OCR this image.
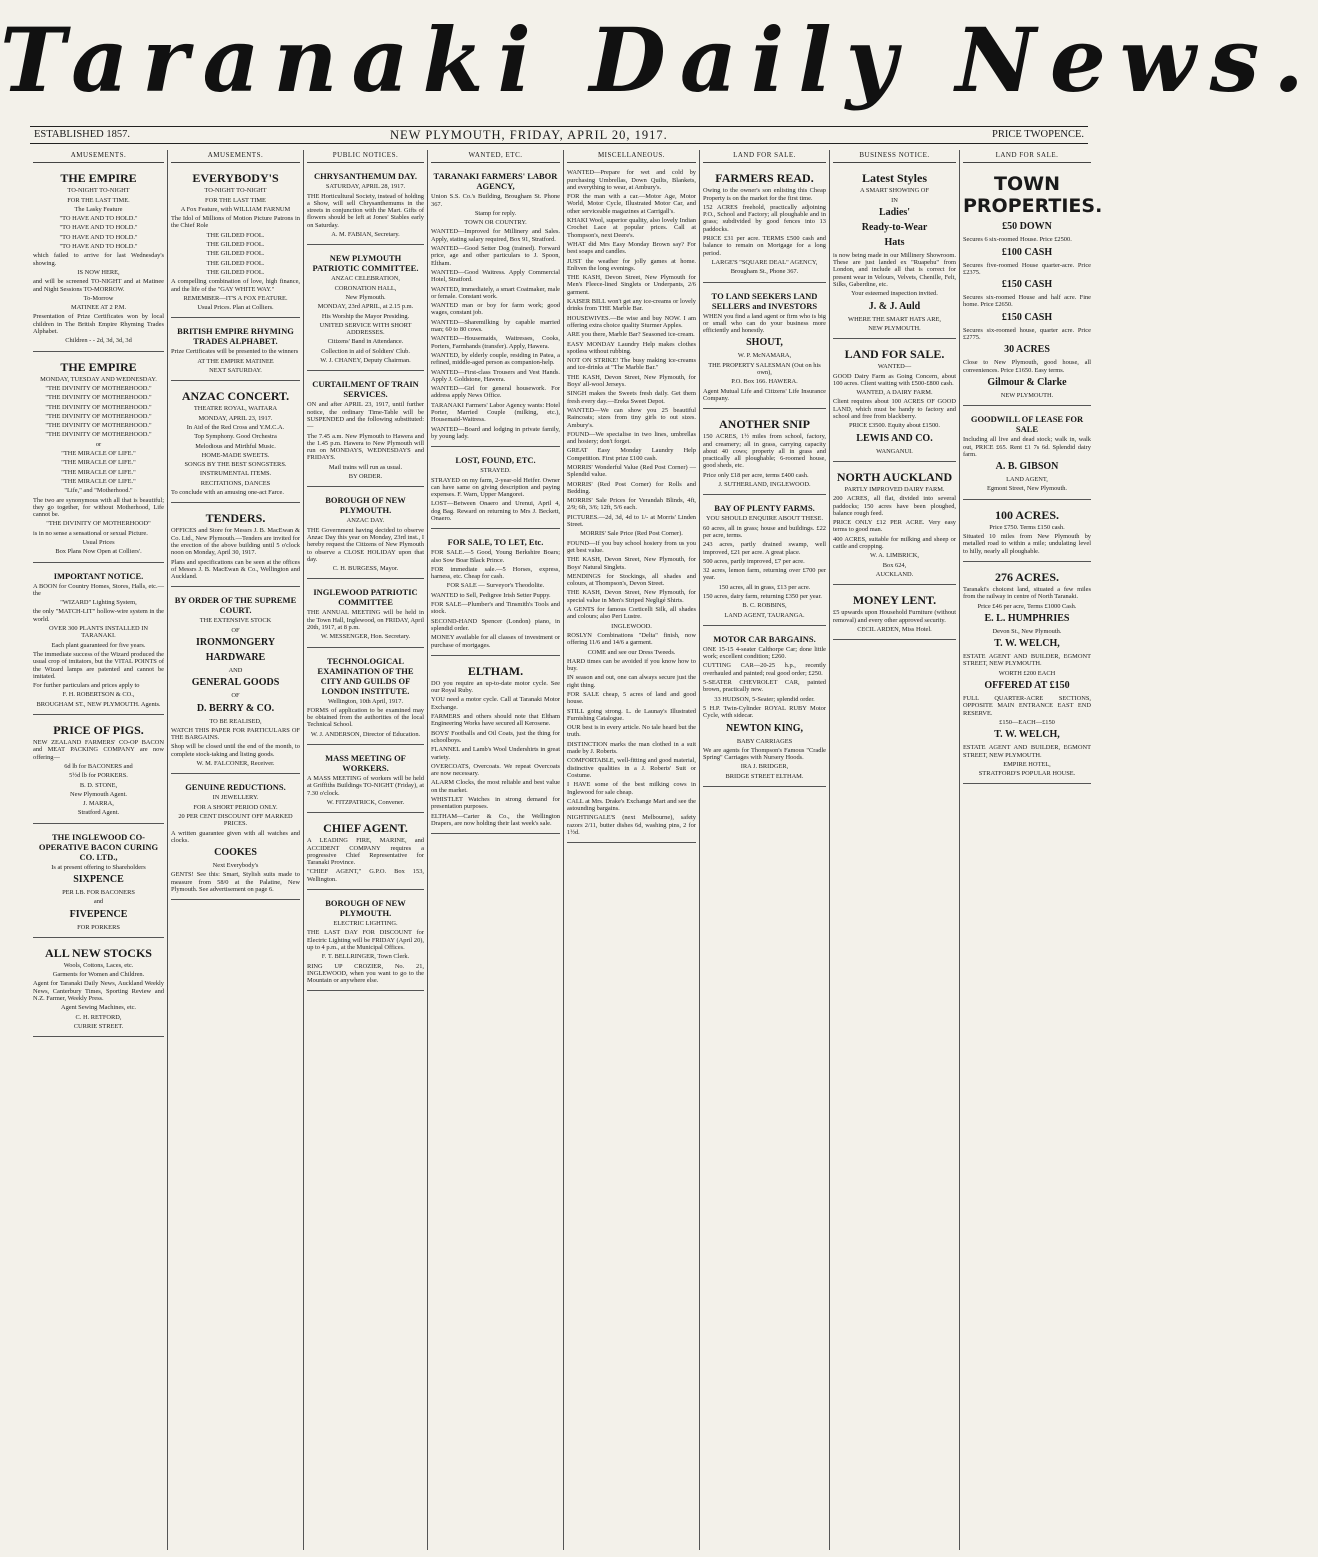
Taranaki Daily News.
ESTABLISHED 1857.	NEW PLYMOUTH, FRIDAY, APRIL 20, 1917.	PRICE TWOPENCE.
AMUSEMENTS.
THE EMPIRE

TO-NIGHT TO-NIGHT

FOR THE LAST TIME.

The Lasky Feature

"TO HAVE AND TO HOLD."

"TO HAVE AND TO HOLD."

"TO HAVE AND TO HOLD."

"TO HAVE AND TO HOLD."

which failed to arrive for last Wednesday's showing.

IS NOW HERE,

and will be screened TO-NIGHT and at Matinee and Night Sessions TO-MORROW.

To-Morrow

MATINEE AT 2 P.M.

Presentation of Prize Certificates won by local children in The British Empire Rhyming Trades Alphabet.

Children - - 2d, 3d, 3d, 3d

THE EMPIRE

MONDAY, TUESDAY AND WEDNESDAY.

"THE DIVINITY OF MOTHERHOOD."

"THE DIVINITY OF MOTHERHOOD."

"THE DIVINITY OF MOTHERHOOD."

"THE DIVINITY OF MOTHERHOOD."

"THE DIVINITY OF MOTHERHOOD."

"THE DIVINITY OF MOTHERHOOD."

or

"THE MIRACLE OF LIFE."

"THE MIRACLE OF LIFE."

"THE MIRACLE OF LIFE."

"THE MIRACLE OF LIFE."

"Life," and "Motherhood."

The two are synonymous with all that is beautiful; they go together, for without Motherhood, Life cannot be.

"THE DIVINITY OF MOTHERHOOD"

is in no sense a sensational or sexual Picture.

Usual Prices

Box Plans Now Open at Colliers'.

IMPORTANT NOTICE.

A BOON for Country Homes, Stores, Halls, etc.—the

"WIZARD" Lighting System,

the only "MATCH-LIT" hollow-wire system in the world.

OVER 300 PLANTS INSTALLED IN TARANAKI.

Each plant guaranteed for five years.

The immediate success of the Wizard produced the usual crop of imitators, but the VITAL POINTS of the Wizard lamps are patented and cannot be imitated.

For further particulars and prices apply to

F. H. ROBERTSON & CO.,

BROUGHAM ST., NEW PLYMOUTH. Agents.

PRICE OF PIGS.

NEW ZEALAND FARMERS' CO-OP BACON and MEAT PACKING COMPANY are now offering—

6d lb for BACONERS and

5½d lb for PORKERS.

B. D. STONE,

New Plymouth Agent.

J. MARRA,

Stratford Agent.

THE INGLEWOOD CO-OPERATIVE BACON CURING CO. LTD.,

Is at present offering to Shareholders

SIXPENCE

PER LB. FOR BACONERS

and

FIVEPENCE

FOR PORKERS

ALL NEW STOCKS

Wools, Cottons, Laces, etc.

Garments for Women and Children.

Agent for Taranaki Daily News, Auckland Weekly News, Canterbury Times, Sporting Review and N.Z. Farmer, Weekly Press.

Agent Sewing Machines, etc.

C. H. RETFORD,

CURRIE STREET.

AMUSEMENTS.
EVERYBODY'S

TO-NIGHT TO-NIGHT

FOR THE LAST TIME

A Fox Feature, with WILLIAM FARNUM

The Idol of Millions of Motion Picture Patrons in the Chief Role

THE GILDED FOOL.

THE GILDED FOOL.

THE GILDED FOOL.

THE GILDED FOOL.

THE GILDED FOOL.

A compelling combination of love, high finance, and the life of the "GAY WHITE WAY."

REMEMBER—IT'S A FOX FEATURE.

Usual Prices. Plan at Colliers.

BRITISH EMPIRE RHYMING TRADES ALPHABET.

Prize Certificates will be presented to the winners

AT THE EMPIRE MATINEE

NEXT SATURDAY.

ANZAC CONCERT.

THEATRE ROYAL, WAITARA

MONDAY, APRIL 23, 1917.

In Aid of the Red Cross and Y.M.C.A.

Top Symphony. Good Orchestra

Melodious and Mirthful Music.

HOME-MADE SWEETS.

SONGS BY THE BEST SONGSTERS.

INSTRUMENTAL ITEMS.

RECITATIONS, DANCES

To conclude with an amusing one-act Farce.

TENDERS.

OFFICES and Store for Messrs J. B. MacEwan & Co. Ltd., New Plymouth.—Tenders are invited for the erection of the above building until 5 o'clock noon on Monday, April 30, 1917.

Plans and specifications can be seen at the offices of Messrs J. B. MacEwan & Co., Wellington and Auckland.

BY ORDER OF THE SUPREME COURT.

THE EXTENSIVE STOCK

OF

IRONMONGERY

HARDWARE

AND

GENERAL GOODS

OF

D. BERRY & CO.

TO BE REALISED,

WATCH THIS PAPER FOR PARTICULARS OF THE BARGAINS.

Shop will be closed until the end of the month, to complete stock-taking and listing goods.

W. M. FALCONER, Receiver.

GENUINE REDUCTIONS.

IN JEWELLERY.

FOR A SHORT PERIOD ONLY.

20 PER CENT DISCOUNT OFF MARKED PRICES.

A written guarantee given with all watches and clocks.

COOKES

Next Everybody's

GENTS! See this: Smart, Stylish suits made to measure from 58/0 at the Palatine, New Plymouth. See advertisement on page 6.

PUBLIC NOTICES.
CHRYSANTHEMUM DAY.

SATURDAY, APRIL 28, 1917.

THE Horticultural Society, instead of holding a Show, will sell Chrysanthemums in the streets in conjunction with the Mart. Gifts of flowers should be left at Jones' Stables early on Saturday.

A. M. FABIAN, Secretary.

NEW PLYMOUTH PATRIOTIC COMMITTEE.

ANZAC CELEBRATION,

CORONATION HALL,

New Plymouth.

MONDAY, 23rd APRIL, at 2.15 p.m.

His Worship the Mayor Presiding.

UNITED SERVICE WITH SHORT ADDRESSES.

Citizens' Band in Attendance.

Collection in aid of Soldiers' Club.

W. J. CHANEY, Deputy Chairman.

CURTAILMENT OF TRAIN SERVICES.

ON and after APRIL 23, 1917, until further notice, the ordinary Time-Table will be SUSPENDED and the following substituted:—

The 7.45 a.m. New Plymouth to Hawera and the 1.45 p.m. Hawera to New Plymouth will run on MONDAYS, WEDNESDAYS and FRIDAYS.

Mail trains will run as usual.

BY ORDER.

BOROUGH OF NEW PLYMOUTH.

ANZAC DAY.

THE Government having decided to observe Anzac Day this year on Monday, 23rd inst., I hereby request the Citizens of New Plymouth to observe a CLOSE HOLIDAY upon that day.

C. H. BURGESS, Mayor.

INGLEWOOD PATRIOTIC COMMITTEE

THE ANNUAL MEETING will be held in the Town Hall, Inglewood, on FRIDAY, April 20th, 1917, at 8 p.m.

W. MESSENGER, Hon. Secretary.

TECHNOLOGICAL EXAMINATION OF THE CITY AND GUILDS OF LONDON INSTITUTE.

Wellington, 10th April, 1917.

FORMS of application to be examined may be obtained from the authorities of the local Technical School.

W. J. ANDERSON, Director of Education.

MASS MEETING OF WORKERS.

A MASS MEETING of workers will be held at Griffiths Buildings TO-NIGHT (Friday), at 7.30 o'clock.

W. FITZPATRICK, Convener.

CHIEF AGENT.

A LEADING FIRE, MARINE, and ACCIDENT COMPANY requires a progressive Chief Representative for Taranaki Province.

"CHIEF AGENT," G.P.O. Box 153, Wellington.

BOROUGH OF NEW PLYMOUTH.

ELECTRIC LIGHTING.

THE LAST DAY FOR DISCOUNT for Electric Lighting will be FRIDAY (April 20), up to 4 p.m., at the Municipal Offices.

F. T. BELLRINGER, Town Clerk.

RING UP CROZIER, No. 21, INGLEWOOD, when you want to go to the Mountain or anywhere else.

WANTED, ETC.
TARANAKI FARMERS' LABOR AGENCY,

Union S.S. Co.'s Building, Brougham St. Phone 367.

Stamp for reply.

TOWN OR COUNTRY.

WANTED—Improved for Millinery and Sales. Apply, stating salary required, Box 91, Stratford.

WANTED—Good Setter Dog (trained). Forward price, age and other particulars to J. Spoon, Eltham.

WANTED—Good Waitress. Apply Commercial Hotel, Stratford.

WANTED, immediately, a smart Coatmaker, male or female. Constant work.

WANTED man or boy for farm work; good wages, constant job.

WANTED—Sharemilking by capable married man; 60 to 80 cows.

WANTED—Housemaids, Waitresses, Cooks, Porters, Farmhands (transfer). Apply, Hawera.

WANTED, by elderly couple, residing in Patea, a refined, middle-aged person as companion-help.

WANTED—First-class Trousers and Vest Hands. Apply J. Goldstone, Hawera.

WANTED—Girl for general housework. For address apply News Office.

TARANAKI Farmers' Labor Agency wants: Hotel Porter, Married Couple (milking, etc.), Housemaid-Waitress.

WANTED—Board and lodging in private family, by young lady.

LOST, FOUND, ETC.

STRAYED.

STRAYED on my farm, 2-year-old Heifer. Owner can have same on giving description and paying expenses. F. Warn, Upper Mangorei.

LOST—Between Onaero and Urenui, April 4, dog Bag. Reward on returning to Mrs J. Beckett, Onaero.

FOR SALE, TO LET, Etc.

FOR SALE.—5 Good, Young Berkshire Boars; also Sow Boar Black Prince.

FOR immediate sale.—5 Horses, express, harness, etc. Cheap for cash.

FOR SALE — Surveyor's Theodolite.

WANTED to Sell, Pedigree Irish Setter Puppy.

FOR SALE—Plumber's and Tinsmith's Tools and stock.

SECOND-HAND Spencer (London) piano, in splendid order.

MONEY available for all classes of investment or purchase of mortgages.

ELTHAM.

DO you require an up-to-date motor cycle. See our Royal Ruby.

YOU need a motor cycle. Call at Taranaki Motor Exchange.

FARMERS and others should note that Eltham Engineering Works have secured all Kerosene.

BOYS' Footballs and Oil Coats, just the thing for schoolboys.

FLANNEL and Lamb's Wool Undershirts in great variety.

OVERCOATS, Overcoats. We repeat Overcoats are now necessary.

ALARM Clocks, the most reliable and best value on the market.

WHISTLET Watches in strong demand for presentation purposes.

ELTHAM—Carter & Co., the Wellington Drapers, are now holding their last week's sale.

MISCELLANEOUS.

WANTED—Prepare for wet and cold by purchasing Umbrellas, Down Quilts, Blankets, and everything to wear, at Ambury's.

FOR the man with a car.—Motor Age, Motor World, Motor Cycle, Illustrated Motor Car, and other serviceable magazines at Carrigall's.

KHAKI Wool, superior quality, also lovely Indian Crochet Lace at popular prices. Call at Thompson's, next Deere's.

WHAT did Mrs Easy Monday Brown say? For best soaps and candles.

JUST the weather for jolly games at home. Enliven the long evenings.

THE KASH, Devon Street, New Plymouth for Men's Fleece-lined Singlets or Underpants, 2/6 garment.

KAISER BILL won't get any ice-creams or lovely drinks from THE Marble Bar.

HOUSEWIVES.—Be wise and buy NOW. I am offering extra choice quality Sturmer Apples.

ARE you there, Marble Bar? Seasoned ice-cream.

EASY MONDAY Laundry Help makes clothes spotless without rubbing.

NOT ON STRIKE! The busy making ice-creams and ice-drinks at "The Marble Bar."

THE KASH, Devon Street, New Plymouth, for Boys' all-wool Jerseys.

SINGH makes the Sweets fresh daily. Get them fresh every day.—Ereka Sweet Depot.

WANTED—We can show you 25 beautiful Raincoats; sizes from tiny girls to out sizes. Ambury's.

FOUND—We specialise in two lines, umbrellas and hosiery; don't forget.

GREAT Easy Monday Laundry Help Competition. First prize £100 cash.

MORRIS' Wonderful Value (Red Post Corner) — Splendid value.

MORRIS' (Red Post Corner) for Rolls and Bedding.

MORRIS' Sale Prices for Verandah Blinds, 4ft, 2/9; 6ft, 3/6; 12ft, 5/6 each.

PICTURES.—2d, 3d, 4d to 1/- at Morris' Linden Street.

MORRIS' Sale Price (Red Post Corner).

FOUND—If you buy school hosiery from us you get best value.

THE KASH, Devon Street, New Plymouth, for Boys' Natural Singlets.

MENDINGS for Stockings, all shades and colours, at Thompson's, Devon Street.

THE KASH, Devon Street, New Plymouth, for special value in Men's Striped Negligé Shirts.

A GENTS for famous Corticelli Silk, all shades and colours; also Peri Lustre.

INGLEWOOD.

ROSLYN Combinations "Delta" finish, now offering 11/6 and 14/6 a garment.

COME and see our Dress Tweeds.

HARD times can be avoided if you know how to buy.

IN season and out, one can always secure just the right thing.

FOR SALE cheap, 5 acres of land and good house.

STILL going strong. L. de Launay's Illustrated Furnishing Catalogue.

OUR best is in every article. No tale heard but the truth.

DISTINCTION marks the man clothed in a suit made by J. Roberts.

COMFORTABLE, well-fitting and good material, distinctive qualities in a J. Roberts' Suit or Costume.

I HAVE some of the best milking cows in Inglewood for sale cheap.

CALL at Mrs. Drake's Exchange Mart and see the astounding bargains.

NIGHTINGALE'S (next Melbourne), safety razors 2/11, butter dishes 6d, washing pins, 2 for 1½d.

LAND FOR SALE.
FARMERS READ.

Owing to the owner's son enlisting this Cheap Property is on the market for the first time.

152 ACRES freehold, practically adjoining P.O., School and Factory; all ploughable and in grass; subdivided by good fences into 13 paddocks.

PRICE £31 per acre. TERMS £500 cash and balance to remain on Mortgage for a long period.

LARGE'S "SQUARE DEAL" AGENCY,

Brougham St., Phone 367.

TO LAND SEEKERS LAND SELLERS and INVESTORS

WHEN you find a land agent or firm who is big or small who can do your business more efficiently and honestly.

SHOUT,

W. P. McNAMARA,

THE PROPERTY SALESMAN (Out on his own),

P.O. Box 166. HAWERA.

Agent Mutual Life and Citizens' Life Insurance Company.

ANOTHER SNIP

150 ACRES, 1½ miles from school, factory, and creamery; all in grass, carrying capacity about 40 cows; property all in grass and practically all ploughable; 6-roomed house, good sheds, etc.

Price only £18 per acre, terms £400 cash.

J. SUTHERLAND, INGLEWOOD.

BAY OF PLENTY FARMS.

YOU SHOULD ENQUIRE ABOUT THESE.

60 acres, all in grass; house and buildings. £22 per acre, terms.

243 acres, partly drained swamp, well improved, £21 per acre. A great place.

500 acres, partly improved, £7 per acre.

32 acres, lemon farm, returning over £700 per year.

150 acres, all in grass, £13 per acre.

150 acres, dairy farm, returning £350 per year.

B. C. ROBBINS,

LAND AGENT, TAURANGA.

MOTOR CAR BARGAINS.

ONE 15-15 4-seater Calthorpe Car; done little work; excellent condition; £260.

CUTTING CAR—20-25 h.p., recently overhauled and painted; real good order; £250.

5-SEATER CHEVROLET CAR, painted brown, practically new.

33 HUDSON, 5-Seater; splendid order.

5 H.P. Twin-Cylinder ROYAL RUBY Motor Cycle, with sidecar.

NEWTON KING,

BABY CARRIAGES

We are agents for Thompson's Famous "Cradle Spring" Carriages with Nursery Hoods.

IRA J. BRIDGER,

BRIDGE STREET ELTHAM.

BUSINESS NOTICE.
Latest Styles

A SMART SHOWING OF

IN

Ladies'

Ready-to-Wear

Hats

is now being made in our Millinery Showroom. These are just landed ex "Ruapehu" from London, and include all that is correct for present wear in Velours, Velvets, Chenille, Felt, Silks, Gaberdine, etc.

Your esteemed inspection invited.

J. & J. Auld

WHERE THE SMART HATS ARE,

NEW PLYMOUTH.

LAND FOR SALE.

WANTED—

GOOD Dairy Farm as Going Concern, about 100 acres. Client waiting with £500-£800 cash.

WANTED, A DAIRY FARM.

Client requires about 100 ACRES OF GOOD LAND, which must be handy to factory and school and free from blackberry.

PRICE £3500. Equity about £1500.

LEWIS AND CO.

WANGANUI.

NORTH AUCKLAND

PARTLY IMPROVED DAIRY FARM.

200 ACRES, all flat, divided into several paddocks; 150 acres have been ploughed, balance rough feed.

PRICE ONLY £12 PER ACRE. Very easy terms to good man.

400 ACRES, suitable for milking and sheep or cattle and cropping.

W. A. LIMBRICK,

Box 624,

AUCKLAND.

MONEY LENT.

£5 upwards upon Household Furniture (without removal) and every other approved security.

CECIL ARDEN, Miss Hotel.

LAND FOR SALE.
TOWN PROPERTIES.

£50 DOWN

Secures 6 six-roomed House. Price £2500.

£100 CASH

Secures five-roomed House quarter-acre. Price £2375.

£150 CASH

Secures six-roomed House and half acre. Fine home. Price £2650.

£150 CASH

Secures six-roomed house, quarter acre. Price £2775.

30 ACRES

Close to New Plymouth, good house, all conveniences. Price £1650. Easy terms.

Gilmour & Clarke

NEW PLYMOUTH.

GOODWILL OF LEASE FOR SALE

Including all live and dead stock; walk in, walk out, PRICE £65. Rent £1 7s 6d. Splendid dairy farm.

A. B. GIBSON

LAND AGENT,

Egmont Street, New Plymouth.

100 ACRES.

Price £750. Terms £150 cash.

Situated 10 miles from New Plymouth by metalled road to within a mile; undulating level to hilly, nearly all ploughable.

276 ACRES.

Taranaki's choicest land, situated a few miles from the railway in centre of North Taranaki.

Price £46 per acre, Terms £1000 Cash.

E. L. HUMPHRIES

Devon St., New Plymouth.

T. W. WELCH,

ESTATE AGENT AND BUILDER, EGMONT STREET, NEW PLYMOUTH.

WORTH £200 EACH

OFFERED AT £150

FULL QUARTER-ACRE SECTIONS, OPPOSITE MAIN ENTRANCE EAST END RESERVE.

£150—EACH—£150

T. W. WELCH,

ESTATE AGENT AND BUILDER, EGMONT STREET, NEW PLYMOUTH.

EMPIRE HOTEL,

STRATFORD'S POPULAR HOUSE.
